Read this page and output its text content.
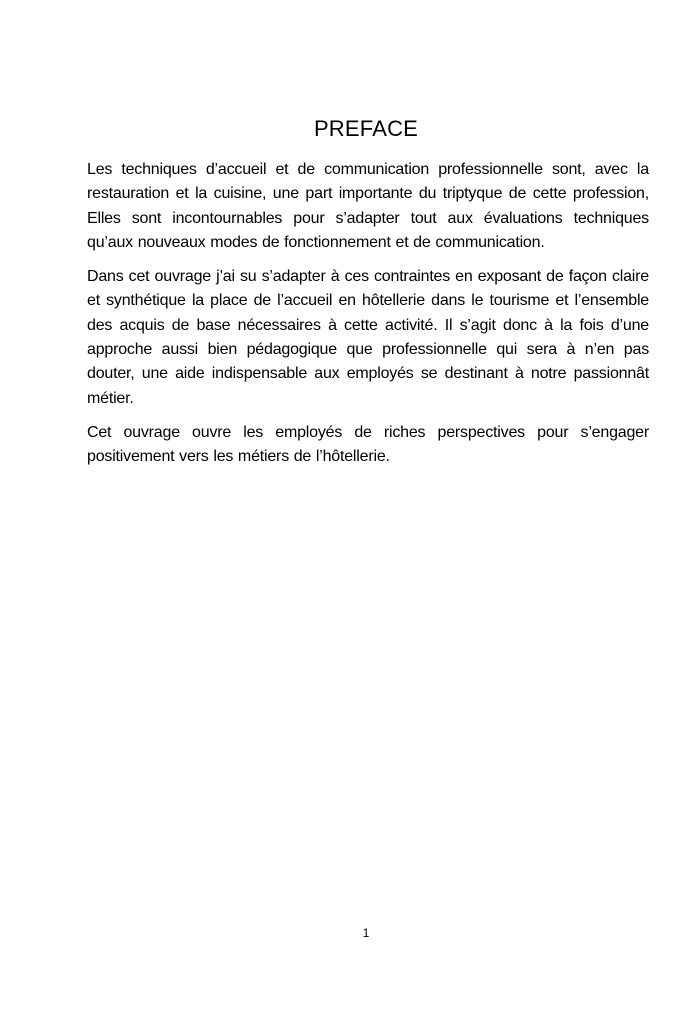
PREFACE

Les techniques d’accueil et de communication professionnelle sont, avec la restauration et la cuisine, une part importante du triptyque de cette profession, Elles sont incontournables pour s’adapter tout aux évaluations techniques qu’aux nouveaux modes de fonctionnement et de communication.

Dans cet ouvrage j’ai su s’adapter à ces contraintes en exposant de façon claire et synthétique la place de l’accueil en hôtellerie dans le tourisme et l’ensemble des acquis de base nécessaires à cette activité. Il s’agit donc à la fois d’une approche aussi bien pédagogique que professionnelle qui sera à n’en pas douter, une aide indispensable aux employés se destinant à notre passionnât métier.

Cet ouvrage ouvre les employés de riches perspectives pour s’engager positivement vers les métiers de l’hôtellerie.

1
